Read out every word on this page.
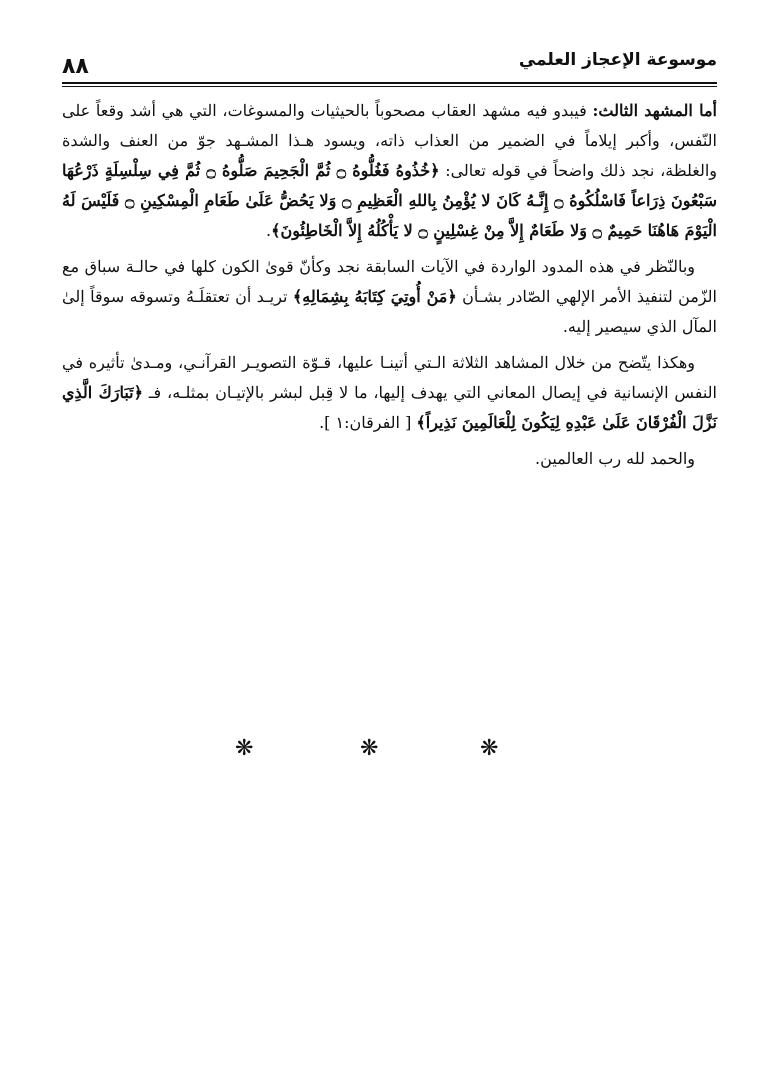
موسوعة الإعجاز العلمي
٨٨

أما المشهد الثالث: فيبدو فيه مشهد العقاب مصحوباً بالحيثيات والمسوغات، التي هي أشد وقعاً على النّفس، وأكبر إيلاماً في الضمير من العذاب ذاته، ويسود هـذا المشـهد جوّ من العنف والشدة والغلظة، نجد ذلك واضحاً في قوله تعالى: ﴿خُذُوهُ فَغُلُّوهُ ۝ ثُمَّ الْجَحِيمَ صَلُّوهُ ۝ ثُمَّ فِي سِلْسِلَةٍ ذَرْعُهَا سَبْعُونَ ذِرَاعاً فَاسْلُكُوهُ ۝ إِنَّـهُ كَانَ لا يُؤْمِنُ بِاللهِ الْعَظِيمِ ۝ وَلا يَحُضُّ عَلَىٰ طَعَامِ الْمِسْكِينِ ۝ فَلَيْسَ لَهُ الْيَوْمَ هَاهُنَا حَمِيمٌ ۝ وَلا طَعَامٌ إِلاَّ مِنْ غِسْلِينٍ ۝ لا يَأْكُلُهُ إِلاَّ الْخَاطِئُونَ﴾.

وبالنّظر في هذه المدود الواردة في الآيات السابقة نجد وكأنّ قوىٰ الكون كلها في حالـة سباق مع الزّمن لتنفيذ الأمر الإلهي الصّادر بشـأن ﴿مَنْ أُوتِيَ كِتَابَهُ بِشِمَالِهِ﴾ تريـد أن تعتقلَـهُ وتسوقه سوقاً إلىٰ المآل الذي سيصير إليه.

وهكذا يتّضح من خلال المشاهد الثلاثة الـتي أتينـا عليها، قـوّة التصويـر القرآنـي، ومـدىٰ تأثيره في النفس الإنسانية في إيصال المعاني التي يهدف إليها، ما لا قِبل لبشر بالإتيـان بمثلـه، فـ ﴿تَبَارَكَ الَّذِي نَزَّلَ الْفُرْقَانَ عَلَىٰ عَبْدِهِ لِيَكُونَ لِلْعَالَمِينَ نَذِيراً﴾ [ الفرقان:١ ].

والحمد لله رب العالمين.

❋	❋	❋
